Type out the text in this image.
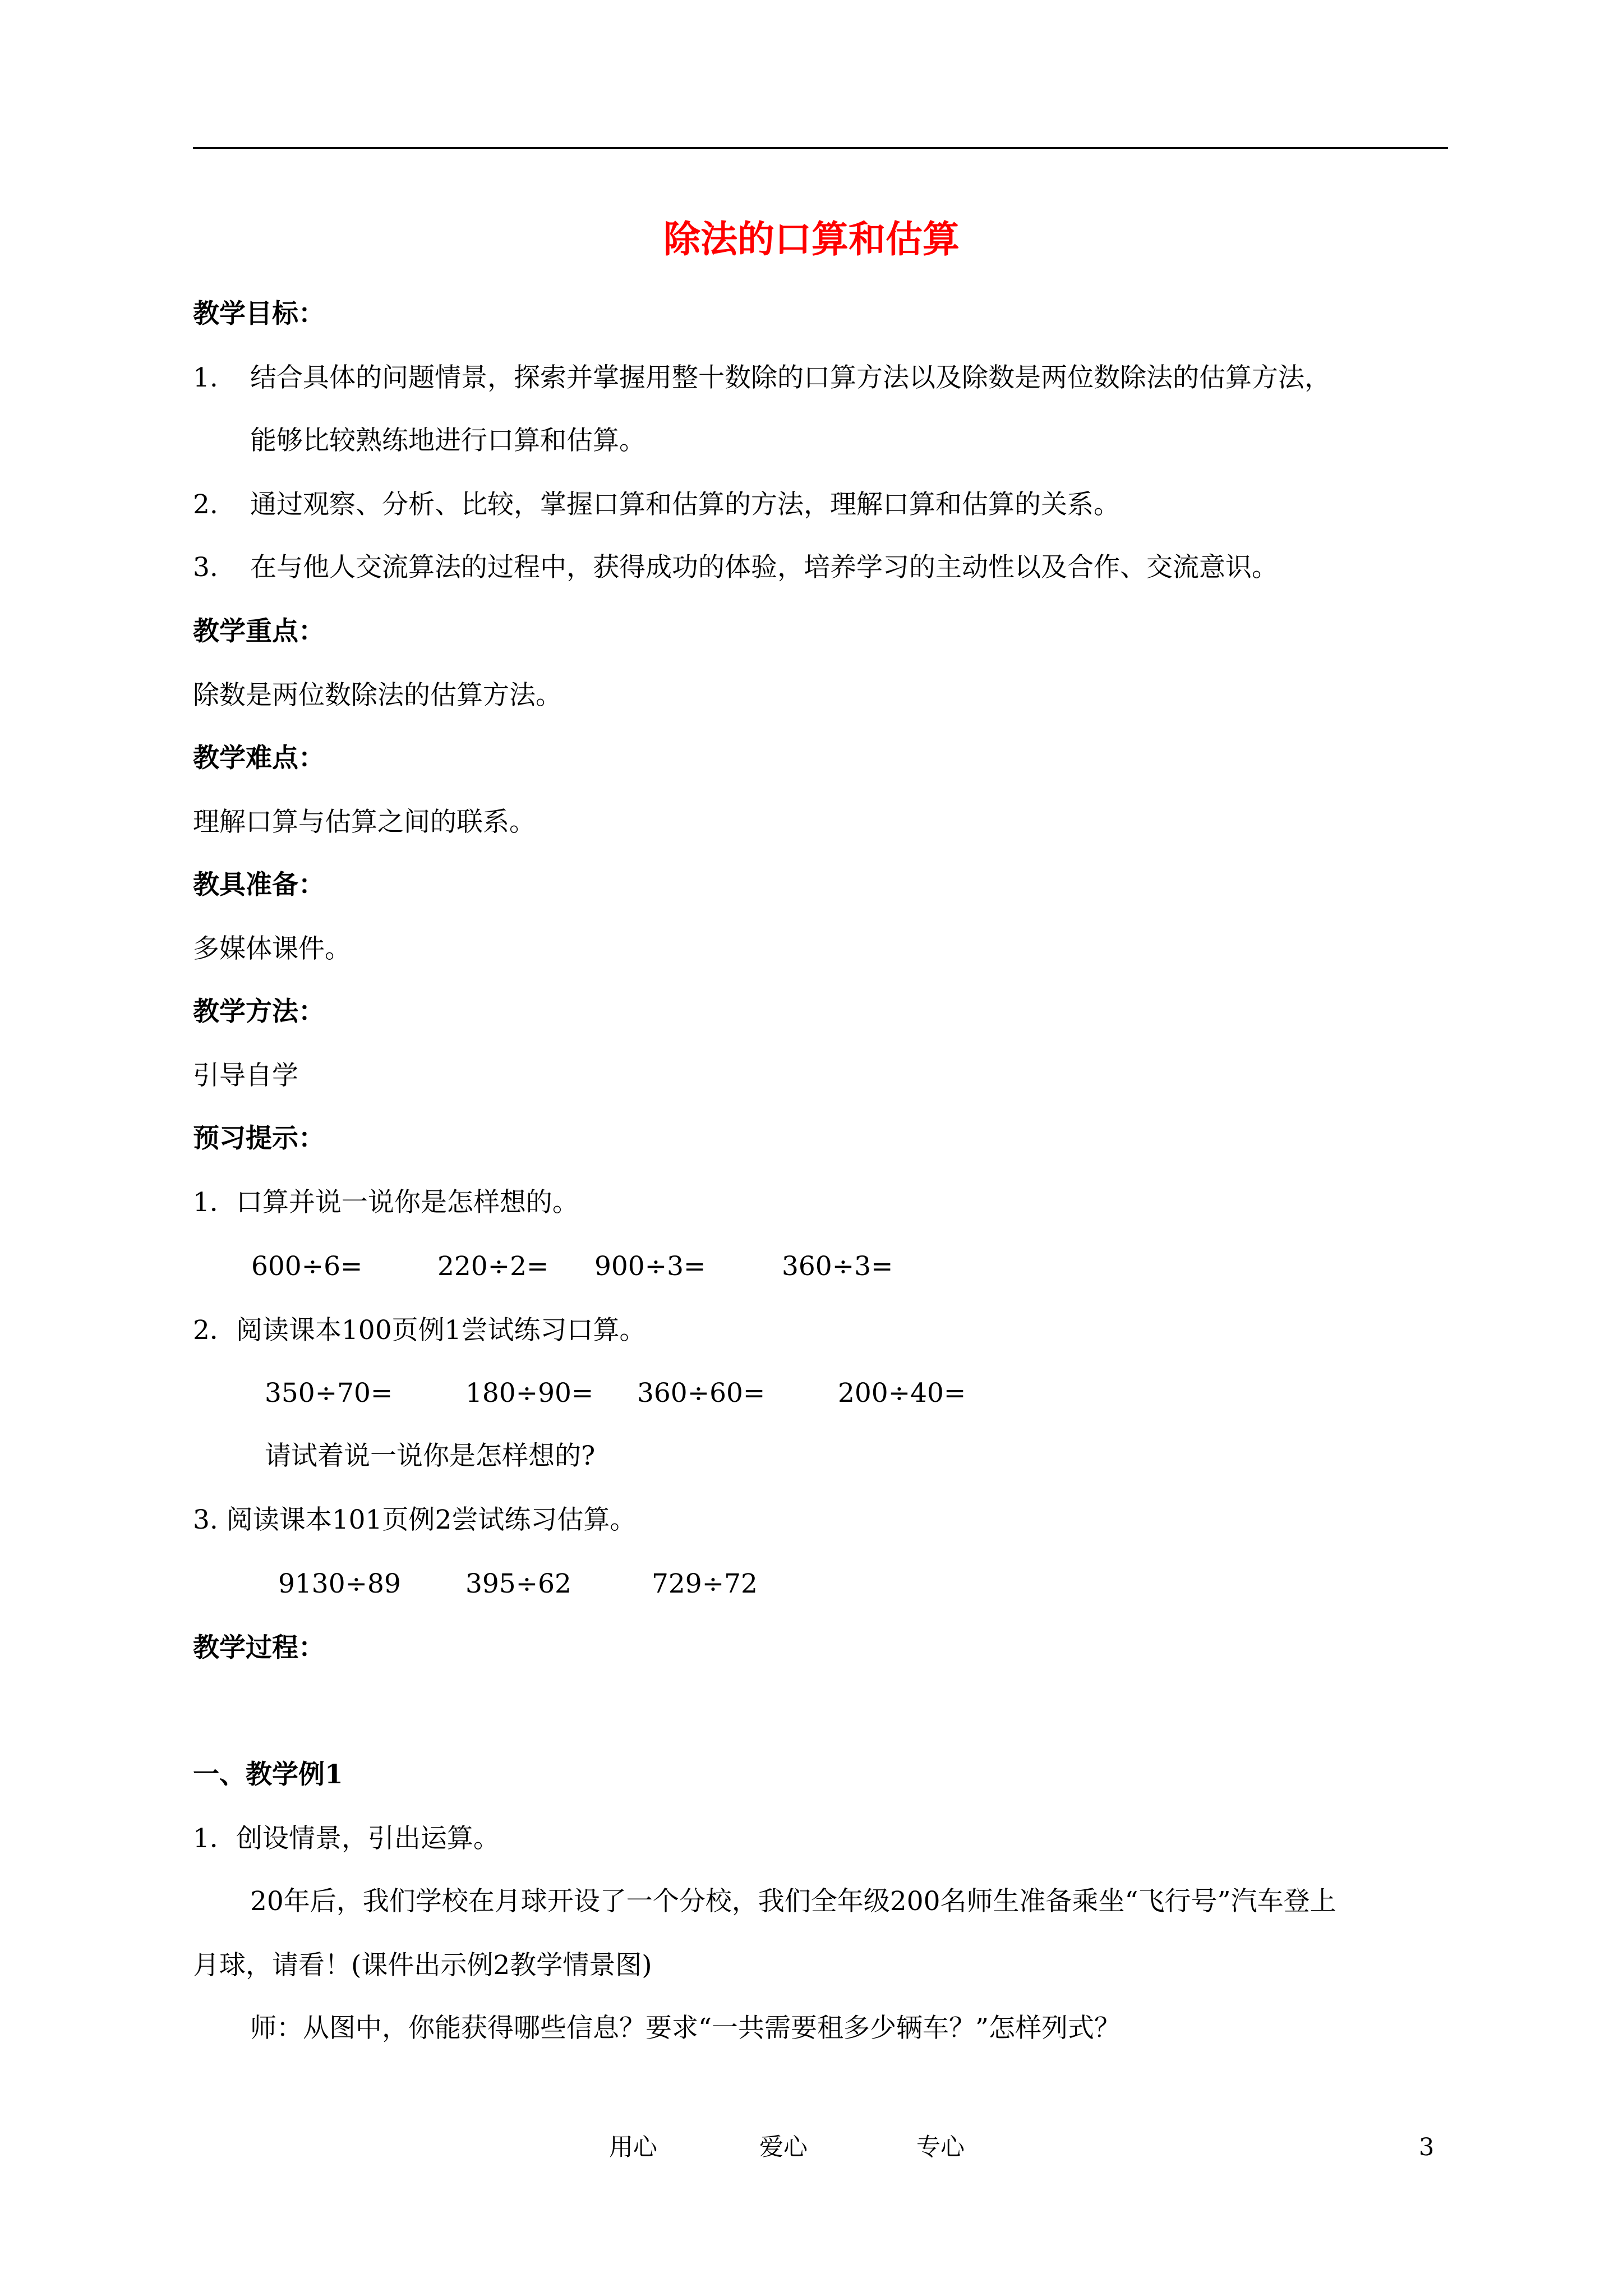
除法的口算和估算
教学目标：
1. 结合具体的问题情景，探索并掌握用整十数除的口算方法以及除数是两位数除法的估算方法，
能够比较熟练地进行口算和估算。
2. 通过观察、分析、比较，掌握口算和估算的方法，理解口算和估算的关系。
3. 在与他人交流算法的过程中，获得成功的体验，培养学习的主动性以及合作、交流意识。
教学重点：
除数是两位数除法的估算方法。
教学难点：
理解口算与估算之间的联系。
教具准备：
多媒体课件。
教学方法：
引导自学
预习提示：
1．口算并说一说你是怎样想的。
600÷6=	220÷2= 900÷3=	360÷3=
2．阅读课本100页例1尝试练习口算。
350÷70=	180÷90= 360÷60=	200÷40=
请试着说一说你是怎样想的?
3. 阅读课本101页例2尝试练习估算。
9130÷89 395÷62	729÷72
教学过程：
一、教学例1
1．创设情景，引出运算。
20年后，我们学校在月球开设了一个分校，我们全年级200名师生准备乘坐“飞行号”汽车登上
月球，请看！(课件出示例2教学情景图)
师：从图中，你能获得哪些信息？要求“一共需要租多少辆车？”怎样列式？
用心	爱心	专心	3
